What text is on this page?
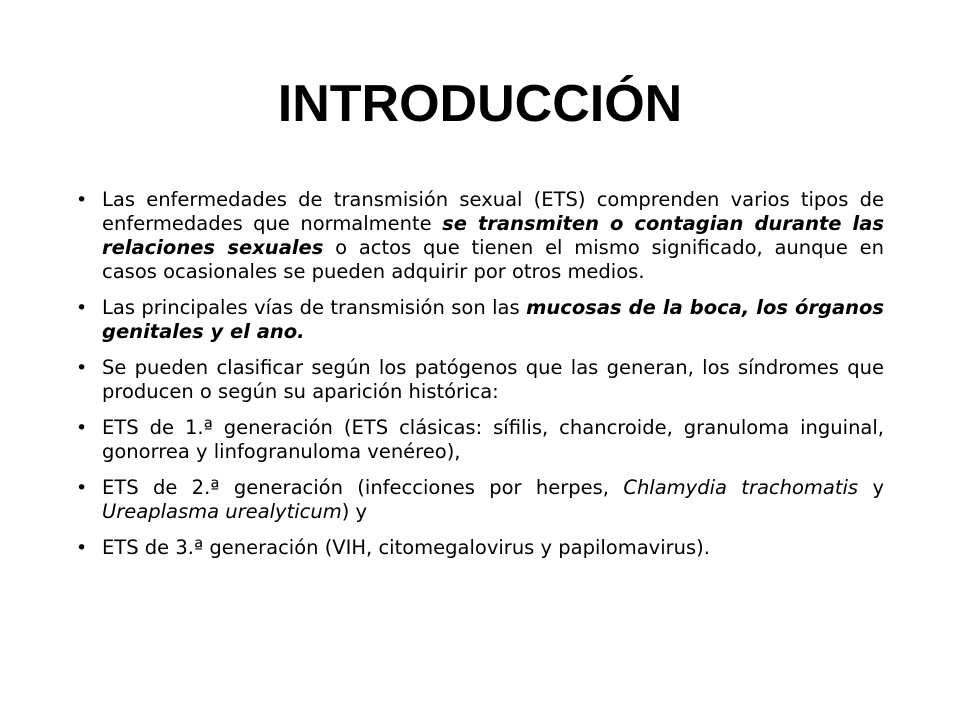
INTRODUCCIÓN
• Las enfermedades de transmisión sexual (ETS) comprenden varios tipos de enfermedades que normalmente se transmiten o contagian durante las relaciones sexuales o actos que tienen el mismo significado, aunque en casos ocasionales se pueden adquirir por otros medios.
• Las principales vías de transmisión son las mucosas de la boca, los órganos genitales y el ano.
• Se pueden clasificar según los patógenos que las generan, los síndromes que producen o según su aparición histórica:
• ETS de 1.ª generación (ETS clásicas: sífilis, chancroide, granuloma inguinal, gonorrea y linfogranuloma venéreo),
• ETS de 2.ª generación (infecciones por herpes, Chlamydia trachomatis y Ureaplasma urealyticum) y
• ETS de 3.ª generación (VIH, citomegalovirus y papilomavirus).
